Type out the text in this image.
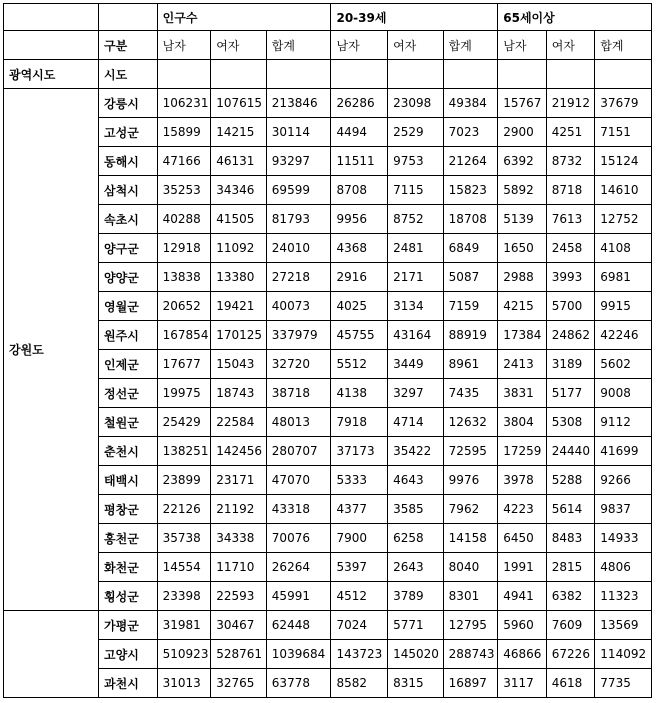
		인구수			20-39세			65세이상		
	구분	남자	여자	합계	남자	여자	합계	남자	여자	합계
광역시도	시도									
강원도	강릉시	106231	107615	213846	26286	23098	49384	15767	21912	37679
	고성군	15899	14215	30114	4494	2529	7023	2900	4251	7151
	동해시	47166	46131	93297	11511	9753	21264	6392	8732	15124
	삼척시	35253	34346	69599	8708	7115	15823	5892	8718	14610
	속초시	40288	41505	81793	9956	8752	18708	5139	7613	12752
	양구군	12918	11092	24010	4368	2481	6849	1650	2458	4108
	양양군	13838	13380	27218	2916	2171	5087	2988	3993	6981
	영월군	20652	19421	40073	4025	3134	7159	4215	5700	9915
	원주시	167854	170125	337979	45755	43164	88919	17384	24862	42246
	인제군	17677	15043	32720	5512	3449	8961	2413	3189	5602
	정선군	19975	18743	38718	4138	3297	7435	3831	5177	9008
	철원군	25429	22584	48013	7918	4714	12632	3804	5308	9112
	춘천시	138251	142456	280707	37173	35422	72595	17259	24440	41699
	태백시	23899	23171	47070	5333	4643	9976	3978	5288	9266
	평창군	22126	21192	43318	4377	3585	7962	4223	5614	9837
	홍천군	35738	34338	70076	7900	6258	14158	6450	8483	14933
	화천군	14554	11710	26264	5397	2643	8040	1991	2815	4806
	횡성군	23398	22593	45991	4512	3789	8301	4941	6382	11323
	가평군	31981	30467	62448	7024	5771	12795	5960	7609	13569
	고양시	510923	528761	1039684	143723	145020	288743	46866	67226	114092
	과천시	31013	32765	63778	8582	8315	16897	3117	4618	7735
